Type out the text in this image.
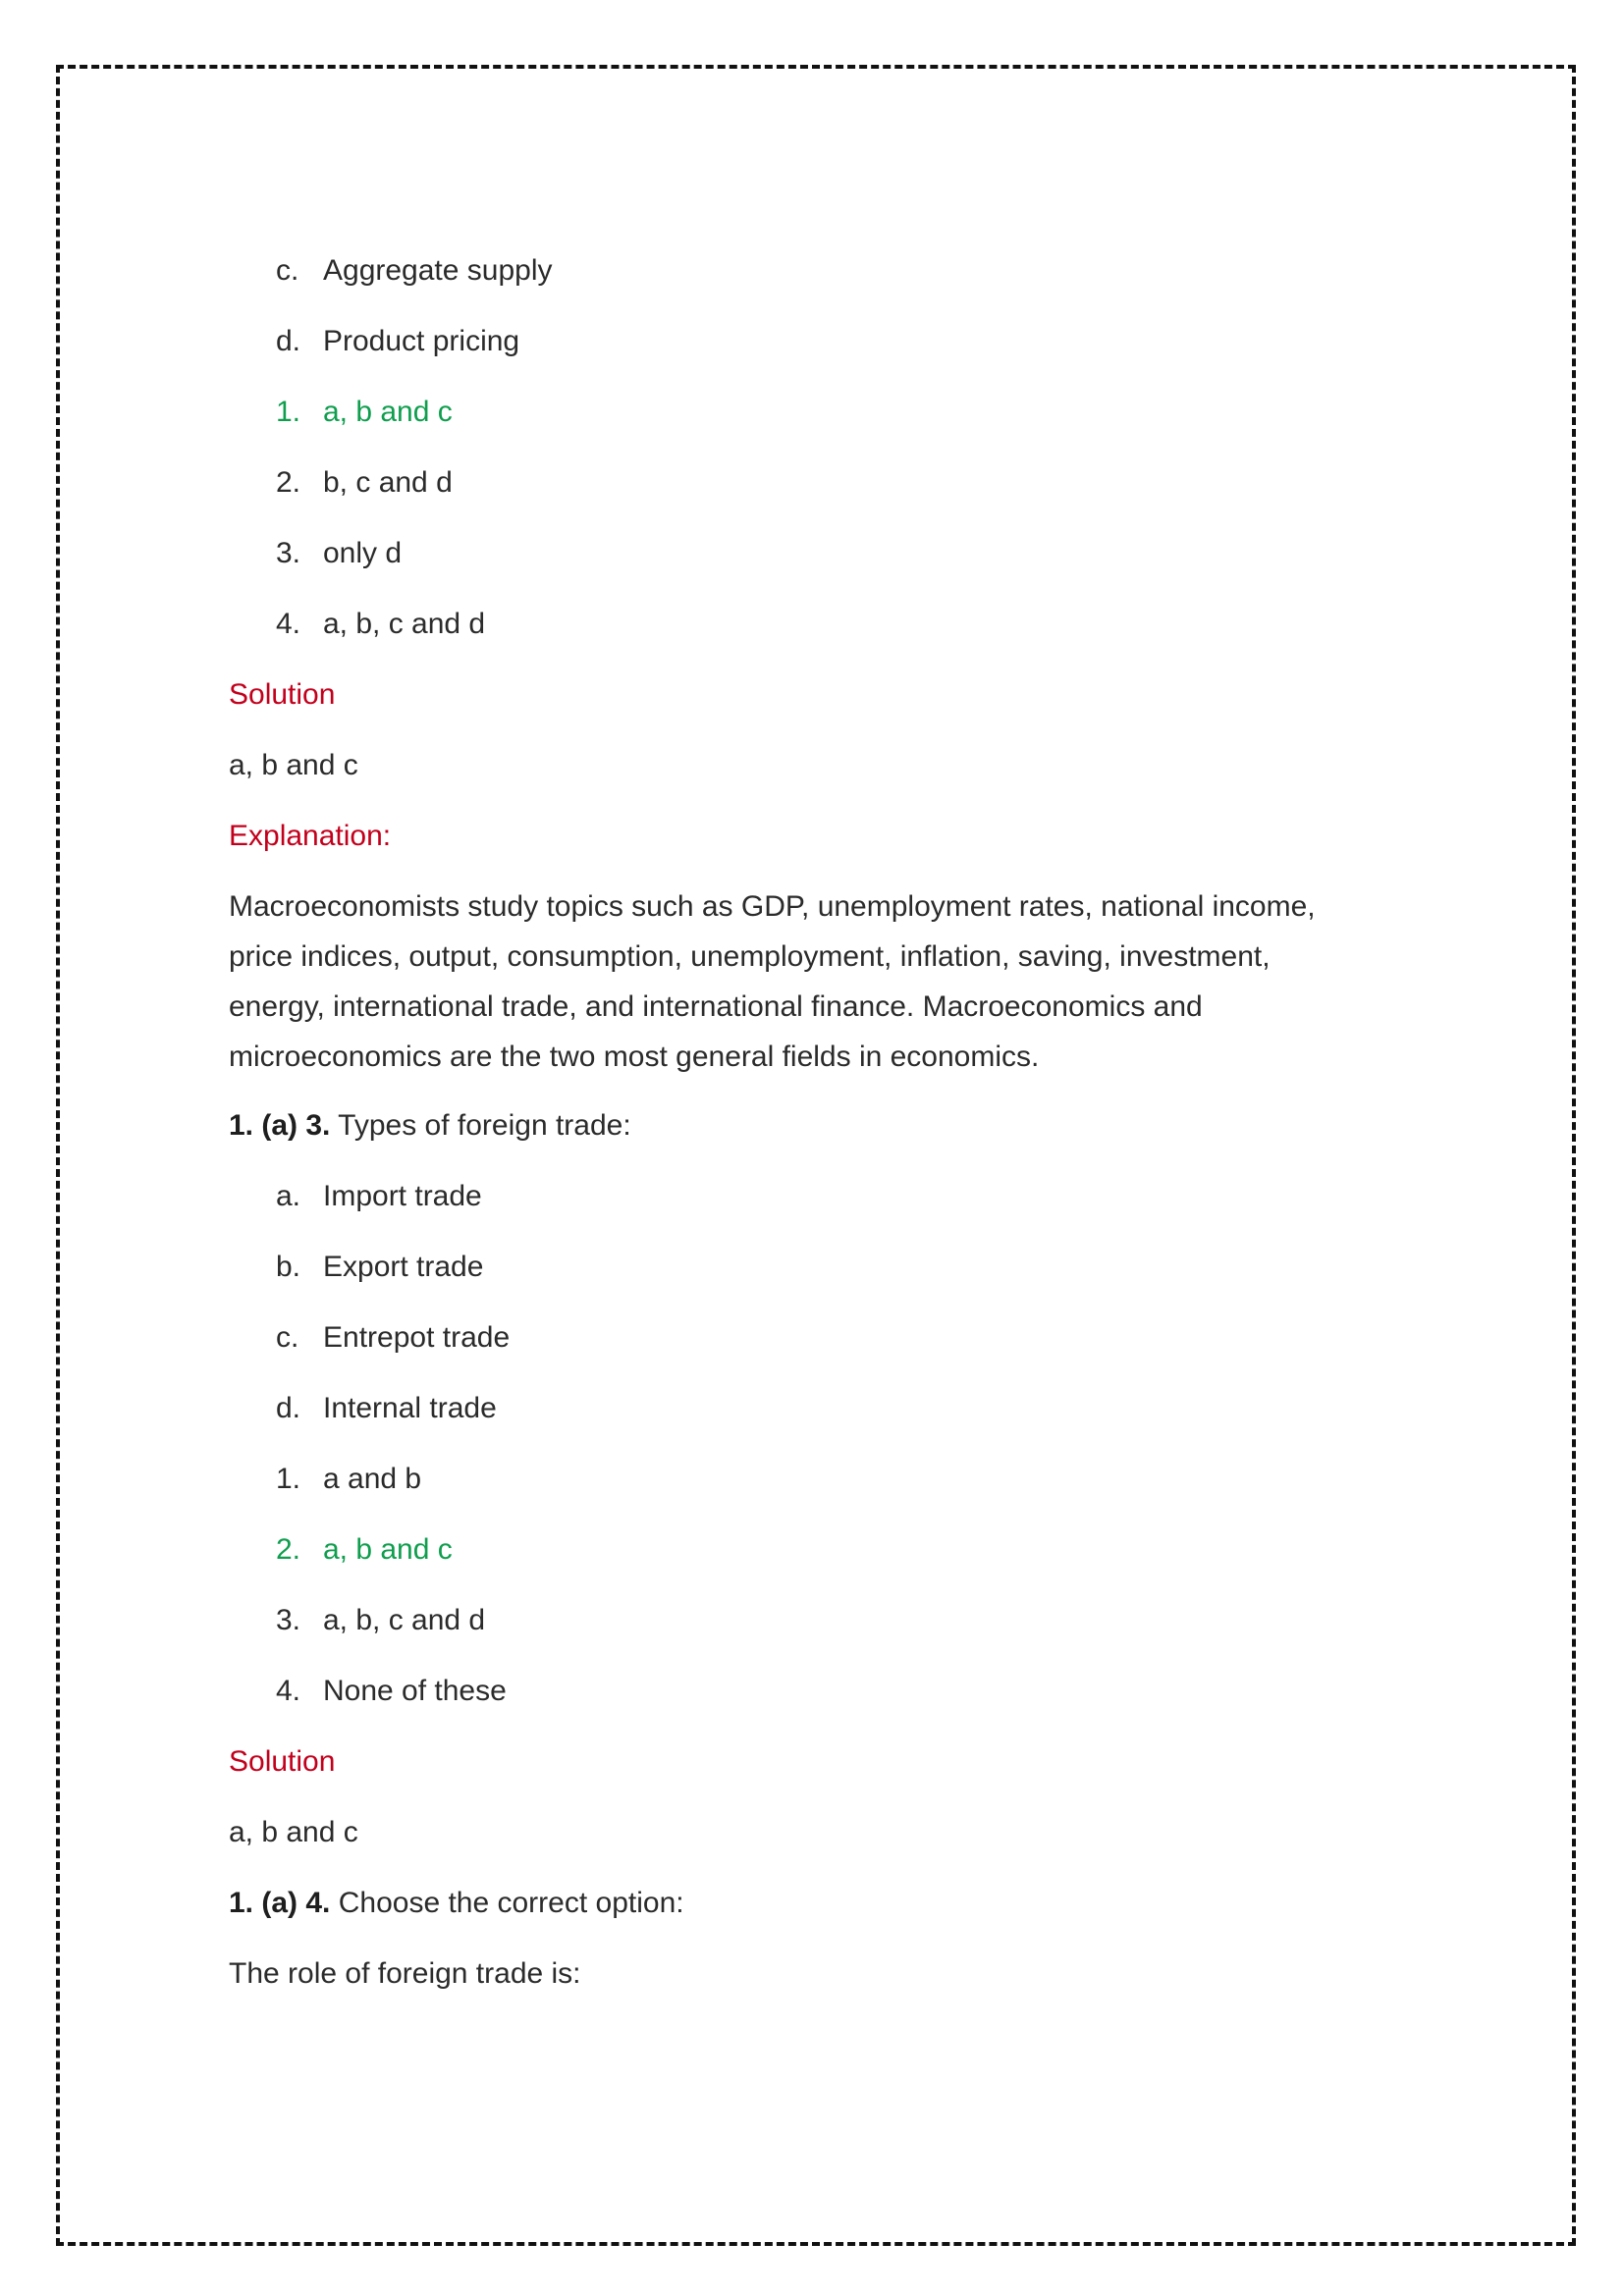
c. Aggregate supply
d. Product pricing
1. a, b and c
2. b, c and d
3. only d
4. a, b, c and d
Solution
a, b and c
Explanation:
Macroeconomists study topics such as GDP, unemployment rates, national income,
price indices, output, consumption, unemployment, inflation, saving, investment,
energy, international trade, and international finance. Macroeconomics and
microeconomics are the two most general fields in economics.
1. (a) 3. Types of foreign trade:
a. Import trade
b. Export trade
c. Entrepot trade
d. Internal trade
1. a and b
2. a, b and c
3. a, b, c and d
4. None of these
Solution
a, b and c
1. (a) 4. Choose the correct option:
The role of foreign trade is:
